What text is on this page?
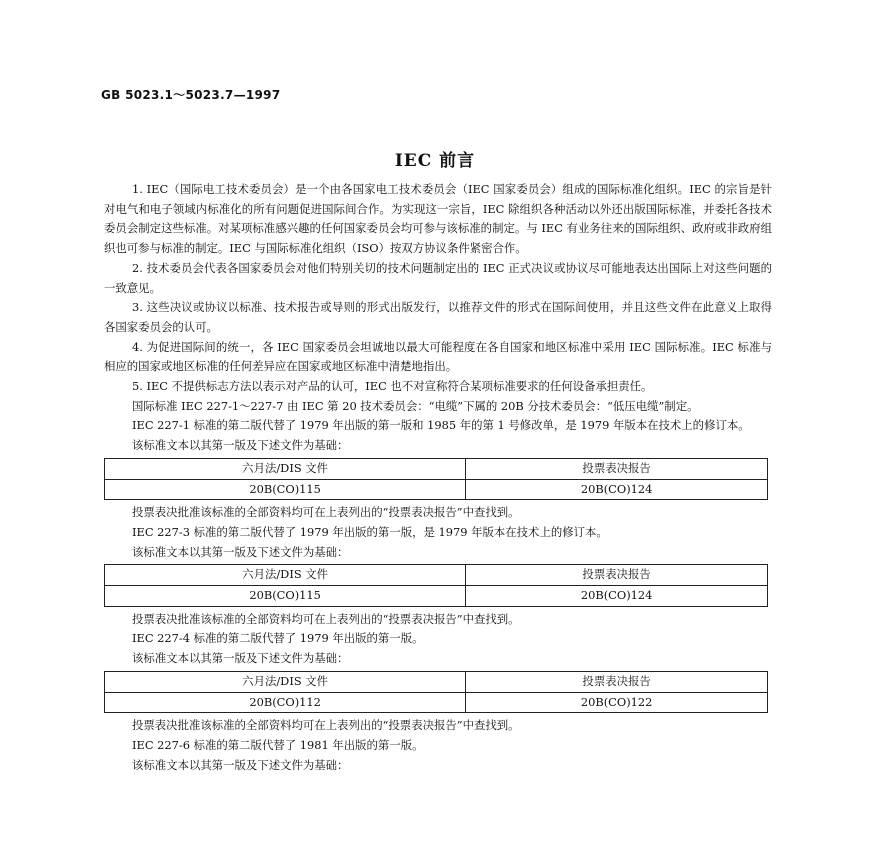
GB 5023.1～5023.7—1997
IEC 前言

1. IEC（国际电工技术委员会）是一个由各国家电工技术委员会（IEC 国家委员会）组成的国际标准化组织。IEC 的宗旨是针对电气和电子领域内标准化的所有问题促进国际间合作。为实现这一宗旨，IEC 除组织各种活动以外还出版国际标准，并委托各技术委员会制定这些标准。对某项标准感兴趣的任何国家委员会均可参与该标准的制定。与 IEC 有业务往来的国际组织、政府或非政府组织也可参与标准的制定。IEC 与国际标准化组织（ISO）按双方协议条件紧密合作。

2. 技术委员会代表各国家委员会对他们特别关切的技术问题制定出的 IEC 正式决议或协议尽可能地表达出国际上对这些问题的一致意见。

3. 这些决议或协议以标准、技术报告或导则的形式出版发行，以推荐文件的形式在国际间使用，并且这些文件在此意义上取得各国家委员会的认可。

4. 为促进国际间的统一，各 IEC 国家委员会坦诚地以最大可能程度在各自国家和地区标准中采用 IEC 国际标准。IEC 标准与相应的国家或地区标准的任何差异应在国家或地区标准中清楚地指出。

5. IEC 不提供标志方法以表示对产品的认可，IEC 也不对宣称符合某项标准要求的任何设备承担责任。

国际标准 IEC 227-1～227-7 由 IEC 第 20 技术委员会：“电缆”下属的 20B 分技术委员会：“低压电缆”制定。

IEC 227-1 标准的第二版代替了 1979 年出版的第一版和 1985 年的第 1 号修改单，是 1979 年版本在技术上的修订本。

该标准文本以其第一版及下述文件为基础：

六月法/DIS 文件	投票表决报告
20B(CO)115	20B(CO)124

投票表决批准该标准的全部资料均可在上表列出的“投票表决报告”中查找到。

IEC 227-3 标准的第二版代替了 1979 年出版的第一版，是 1979 年版本在技术上的修订本。

该标准文本以其第一版及下述文件为基础：

六月法/DIS 文件	投票表决报告
20B(CO)115	20B(CO)124

投票表决批准该标准的全部资料均可在上表列出的“投票表决报告”中查找到。

IEC 227-4 标准的第二版代替了 1979 年出版的第一版。

该标准文本以其第一版及下述文件为基础：

六月法/DIS 文件	投票表决报告
20B(CO)112	20B(CO)122

投票表决批准该标准的全部资料均可在上表列出的“投票表决报告”中查找到。

IEC 227-6 标准的第二版代替了 1981 年出版的第一版。

该标准文本以其第一版及下述文件为基础：
